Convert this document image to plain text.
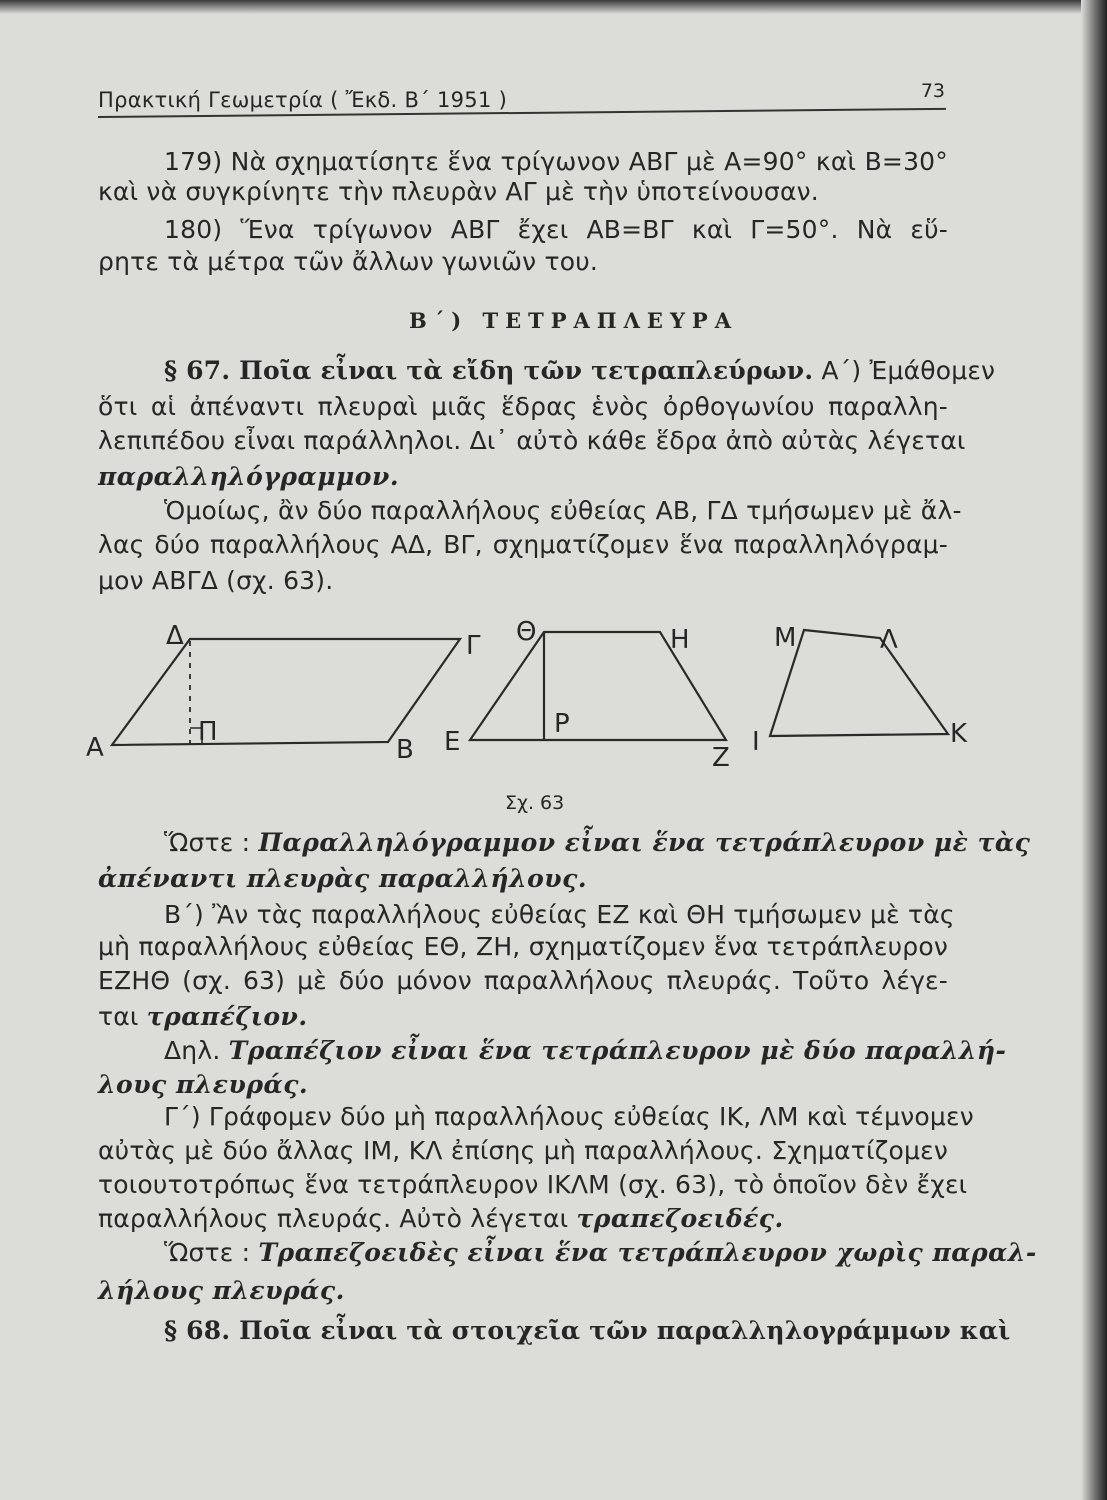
Πρακτική Γεωμετρία ( Ἔκδ. Β΄ 1951 )	73
179) Νὰ σχηματίσητε ἕνα τρίγωνον ΑΒΓ μὲ Α=90° καὶ Β=30°
καὶ νὰ συγκρίνητε τὴν πλευρὰν ΑΓ μὲ τὴν ὑποτείνουσαν.
180) Ἕνα τρίγωνον ΑΒΓ ἔχει ΑΒ=ΒΓ καὶ Γ=50°. Νὰ εὕ-
ρητε τὰ μέτρα τῶν ἄλλων γωνιῶν του.
Β΄) ΤΕΤΡΑΠΛΕΥΡΑ
§ 67. Ποῖα εἶναι τὰ εἴδη τῶν τετραπλεύρων. Α΄) Ἐμάθομεν
ὅτι αἱ ἀπέναντι πλευραὶ μιᾶς ἕδρας ἑνὸς ὀρθογωνίου παραλλη-
λεπιπέδου εἶναι παράλληλοι. Δι᾽ αὐτὸ κάθε ἕδρα ἀπὸ αὐτὰς λέγεται
παραλληλόγραμμον.
Ὁμοίως, ἂν δύο παραλλήλους εὐθείας ΑΒ, ΓΔ τμήσωμεν μὲ ἄλ-
λας δύο παραλλήλους ΑΔ, ΒΓ, σχηματίζομεν ἕνα παραλληλόγραμ-
μον ΑΒΓΔ (σχ. 63).
Α	Β
Γ
Δ
Π	Ε
Ζ
Η
Θ
Ρ
Ι	Κ
Λ
Μ
Σχ. 63
Ὥστε : Παραλληλόγραμμον εἶναι ἕνα τετράπλευρον μὲ τὰς
ἀπέναντι πλευρὰς παραλλήλους.
Β΄) Ἂν τὰς παραλλήλους εὐθείας ΕΖ καὶ ΘΗ τμήσωμεν μὲ τὰς
μὴ παραλλήλους εὐθείας ΕΘ, ΖΗ, σχηματίζομεν ἕνα τετράπλευρον
ΕΖΗΘ (σχ. 63) μὲ δύο μόνον παραλλήλους πλευράς. Τοῦτο λέγε-
ται τραπέζιον.
Δηλ. Τραπέζιον εἶναι ἕνα τετράπλευρον μὲ δύο παραλλή-
λους πλευράς.
Γ΄) Γράφομεν δύο μὴ παραλλήλους εὐθείας ΙΚ, ΛΜ καὶ τέμνομεν
αὐτὰς μὲ δύο ἄλλας ΙΜ, ΚΛ ἐπίσης μὴ παραλλήλους. Σχηματίζομεν
τοιουτοτρόπως ἕνα τετράπλευρον ΙΚΛΜ (σχ. 63), τὸ ὁποῖον δὲν ἔχει
παραλλήλους πλευράς. Αὐτὸ λέγεται τραπεζοειδές.
Ὥστε : Τραπεζοειδὲς εἶναι ἕνα τετράπλευρον χωρὶς παραλ-
λήλους πλευράς.
§ 68. Ποῖα εἶναι τὰ στοιχεῖα τῶν παραλληλογράμμων καὶ
